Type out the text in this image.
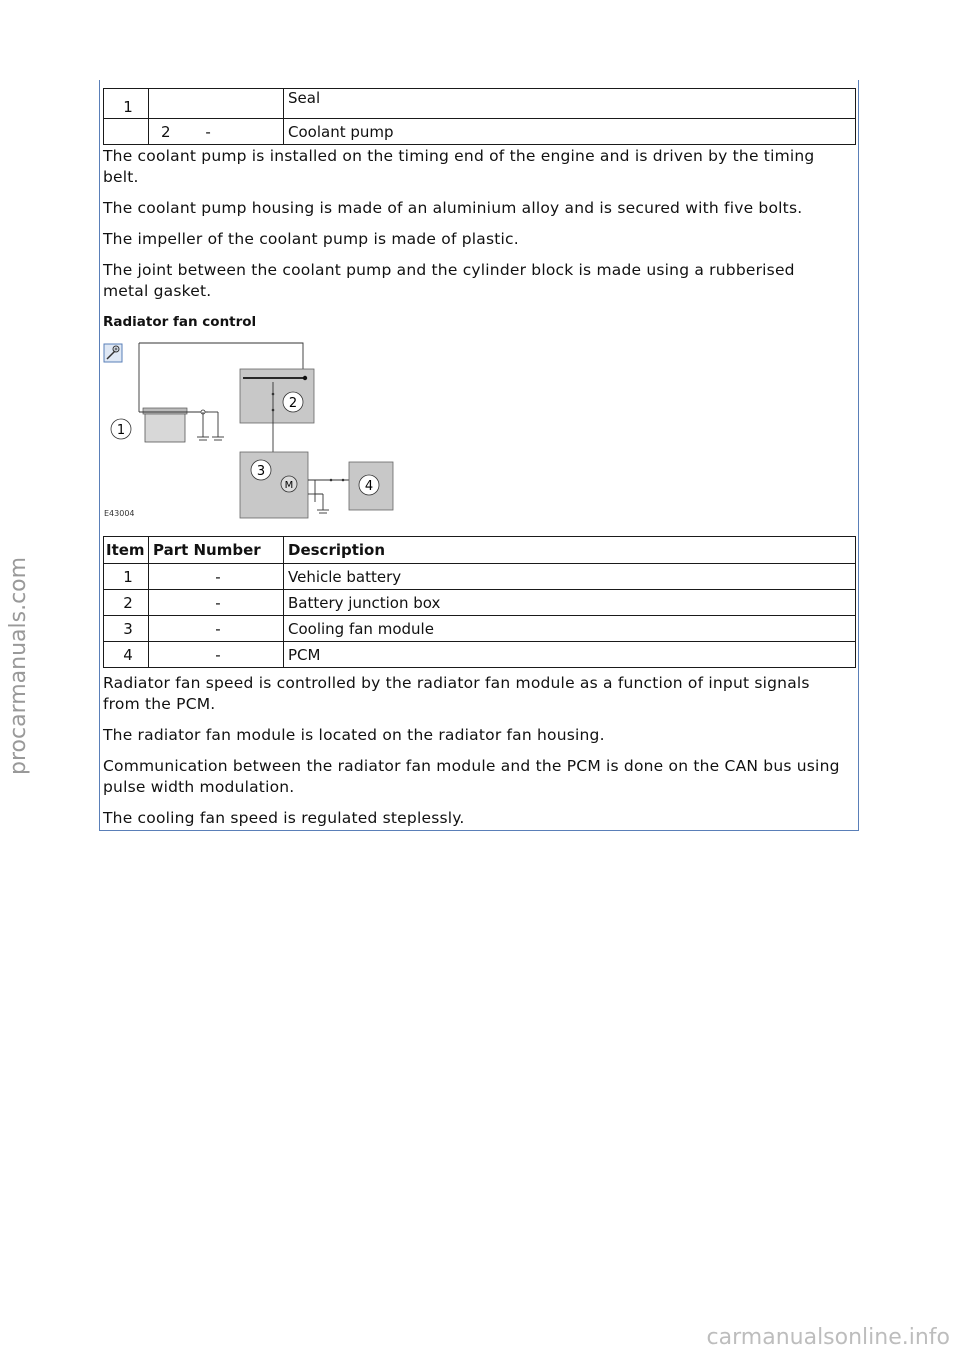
1		Seal
	2 -	Coolant pump

The coolant pump is installed on the timing end of the engine and is driven by the timing belt.

The coolant pump housing is made of an aluminium alloy and is secured with five bolts.

The impeller of the coolant pump is made of plastic.

The joint between the coolant pump and the cylinder block is made using a rubberised metal gasket.

Radiator fan control
2
1
3
M	4
E43004
Item	Part Number	Description
1	-	Vehicle battery
2	-	Battery junction box
3	-	Cooling fan module
4	-	PCM

Radiator fan speed is controlled by the radiator fan module as a function of input signals from the PCM.

The radiator fan module is located on the radiator fan housing.

Communication between the radiator fan module and the PCM is done on the CAN bus using pulse width modulation.

The cooling fan speed is regulated steplessly.

procarmanuals.com
carmanualsonline.info
